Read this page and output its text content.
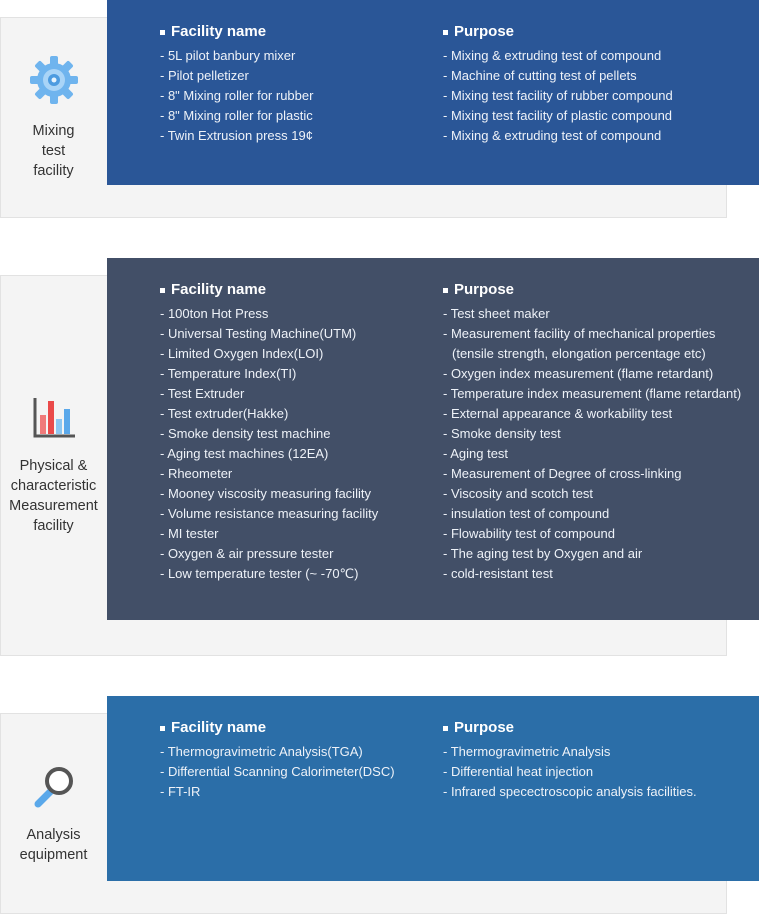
Mixing
test
facility
Facility name
- 5L pilot banbury mixer
- Pilot pelletizer
- 8" Mixing roller for rubber
- 8" Mixing roller for plastic
- Twin Extrusion press 19¢
Purpose
- Mixing & extruding test of compound
- Machine of cutting test of pellets
- Mixing test facility of rubber compound
- Mixing test facility of plastic compound
- Mixing & extruding test of compound
Physical &
characteristic
Measurement
facility
Facility name
- 100ton Hot Press
- Universal Testing Machine(UTM)
- Limited Oxygen Index(LOI)
- Temperature Index(TI)
- Test Extruder
- Test extruder(Hakke)
- Smoke density test machine
- Aging test machines (12EA)
- Rheometer
- Mooney viscosity measuring facility
- Volume resistance measuring facility
- MI tester
- Oxygen & air pressure tester
- Low temperature tester (~ -70℃)
Purpose
- Test sheet maker
- Measurement facility of mechanical properties
(tensile strength, elongation percentage etc)
- Oxygen index measurement (flame retardant)
- Temperature index measurement (flame retardant)
- External appearance & workability test
- Smoke density test
- Aging test
- Measurement of Degree of cross-linking
- Viscosity and scotch test
- insulation test of compound
- Flowability test of compound
- The aging test by Oxygen and air
- cold-resistant test
Analysis
equipment
Facility name
- Thermogravimetric Analysis(TGA)
- Differential Scanning Calorimeter(DSC)
- FT-IR
Purpose
- Thermogravimetric Analysis
- Differential heat injection
- Infrared specectroscopic analysis facilities.
